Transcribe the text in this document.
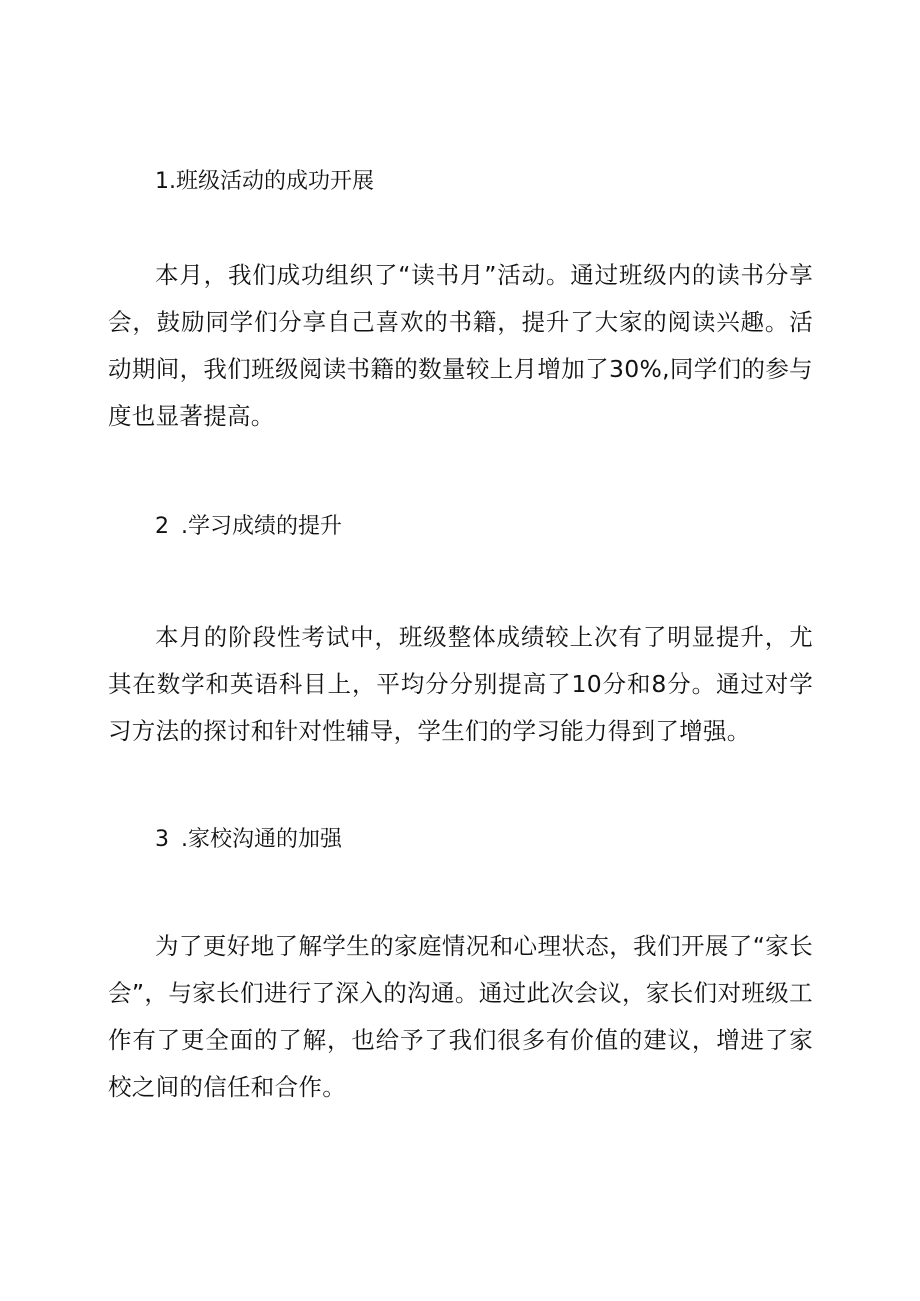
1.班级活动的成功开展

本月，我们成功组织了“读书月”活动。通过班级内的读书分享会，鼓励同学们分享自己喜欢的书籍，提升了大家的阅读兴趣。活动期间，我们班级阅读书籍的数量较上月增加了30%,同学们的参与度也显著提高。

2 .学习成绩的提升

本月的阶段性考试中，班级整体成绩较上次有了明显提升，尤其在数学和英语科目上，平均分分别提高了10分和8分。通过对学习方法的探讨和针对性辅导，学生们的学习能力得到了增强。

3 .家校沟通的加强

为了更好地了解学生的家庭情况和心理状态，我们开展了“家长会”，与家长们进行了深入的沟通。通过此次会议，家长们对班级工作有了更全面的了解，也给予了我们很多有价值的建议，增进了家校之间的信任和合作。
